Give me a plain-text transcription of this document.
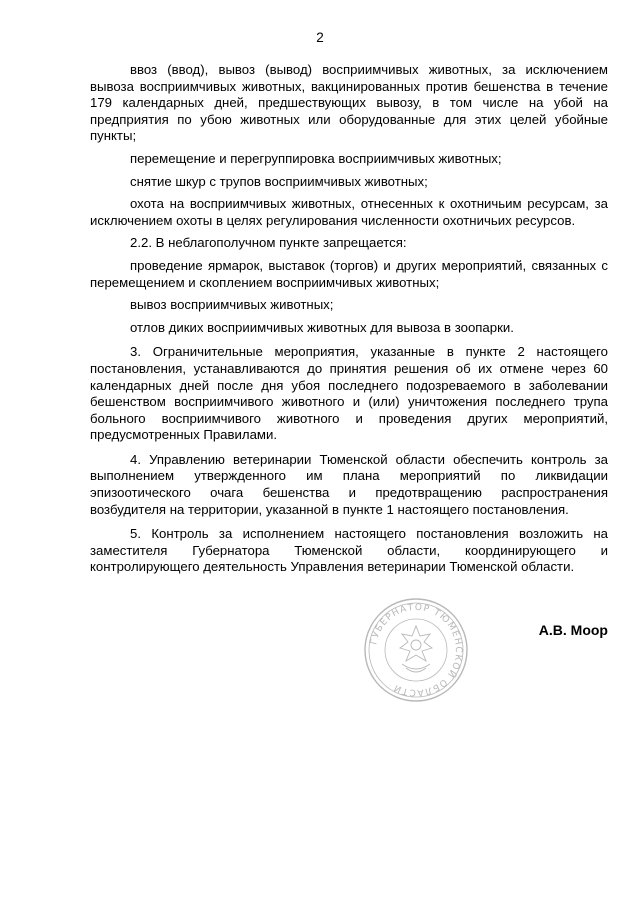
2

ввоз (ввод), вывоз (вывод) восприимчивых животных, за исключением вывоза восприимчивых животных, вакцинированных против бешенства в течение 179 календарных дней, предшествующих вывозу, в том числе на убой на предприятия по убою животных или оборудованные для этих целей убойные пункты;

перемещение и перегруппировка восприимчивых животных;

снятие шкур с трупов восприимчивых животных;

охота на восприимчивых животных, отнесенных к охотничьим ресурсам, за исключением охоты в целях регулирования численности охотничьих ресурсов.

2.2. В неблагополучном пункте запрещается:

проведение ярмарок, выставок (торгов) и других мероприятий, связанных с перемещением и скоплением восприимчивых животных;

вывоз восприимчивых животных;

отлов диких восприимчивых животных для вывоза в зоопарки.

3. Ограничительные мероприятия, указанные в пункте 2 настоящего постановления, устанавливаются до принятия решения об их отмене через 60 календарных дней после дня убоя последнего подозреваемого в заболевании бешенством восприимчивого животного и (или) уничтожения последнего трупа больного восприимчивого животного и проведения других мероприятий, предусмотренных Правилами.

4. Управлению ветеринарии Тюменской области обеспечить контроль за выполнением утвержденного им плана мероприятий по ликвидации эпизоотического очага бешенства и предотвращению распространения возбудителя на территории, указанной в пункте 1 настоящего постановления.

5. Контроль за исполнением настоящего постановления возложить на заместителя Губернатора Тюменской области, координирующего и контролирующего деятельность Управления ветеринарии Тюменской области.

ГУБЕРНАТОР ТЮМЕНСКОЙ ОБЛАСТИ
А.В. Моор
